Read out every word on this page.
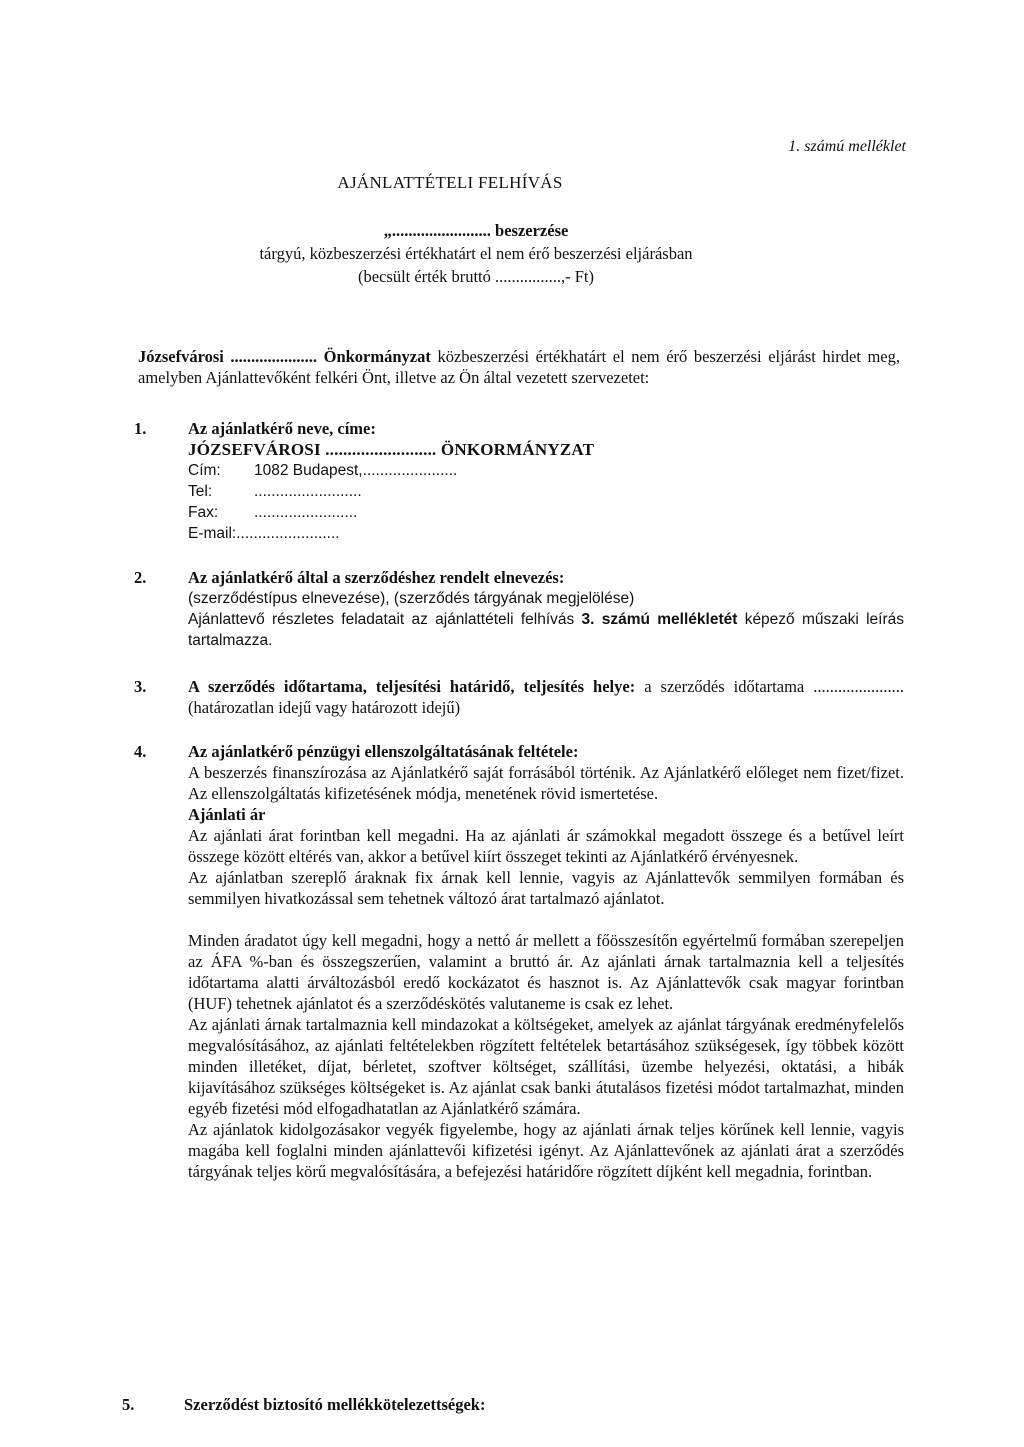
1. számú melléklet
AJÁNLATTÉTELI FELHÍVÁS
„........................ beszerzése
tárgyú, közbeszerzési értékhatárt el nem érő beszerzési eljárásban
(becsült érték bruttó ................,- Ft)

Józsefvárosi ..................... Önkormányzat közbeszerzési értékhatárt el nem érő beszerzési eljárást hirdet meg, amelyben Ajánlattevőként felkéri Önt, illetve az Ön által vezetett szervezetet:

1.	Az ajánlatkérő neve, címe:

JÓZSEFVÁROSI ......................... ÖNKORMÁNYZAT

Cím:	1082 Budapest,......................
Tel:	.........................
Fax:	........................
E-mail: ........................
2.	Az ajánlatkérő által a szerződéshez rendelt elnevezés:

(szerződéstípus elnevezése), (szerződés tárgyának megjelölése)

Ajánlattevő részletes feladatait az ajánlattételi felhívás 3. számú mellékletét képező műszaki leírás tartalmazza.

3.	A szerződés időtartama, teljesítési határidő, teljesítés helye: a szerződés időtartama ...................... (határozatlan idejű vagy határozott idejű)

4.	Az ajánlatkérő pénzügyi ellenszolgáltatásának feltétele:

A beszerzés finanszírozása az Ajánlatkérő saját forrásából történik. Az Ajánlatkérő előleget nem fizet/fizet. Az ellenszolgáltatás kifizetésének módja, menetének rövid ismertetése.

Ajánlati ár

Az ajánlati árat forintban kell megadni. Ha az ajánlati ár számokkal megadott összege és a betűvel leírt összege között eltérés van, akkor a betűvel kiírt összeget tekinti az Ajánlatkérő érvényesnek.

Az ajánlatban szereplő áraknak fix árnak kell lennie, vagyis az Ajánlattevők semmilyen formában és semmilyen hivatkozással sem tehetnek változó árat tartalmazó ajánlatot.

Minden áradatot úgy kell megadni, hogy a nettó ár mellett a főösszesítőn egyértelmű formában szerepeljen az ÁFA %-ban és összegszerűen, valamint a bruttó ár. Az ajánlati árnak tartalmaznia kell a teljesítés időtartama alatti árváltozásból eredő kockázatot és hasznot is. Az Ajánlattevők csak magyar forintban (HUF) tehetnek ajánlatot és a szerződéskötés valutaneme is csak ez lehet.

Az ajánlati árnak tartalmaznia kell mindazokat a költségeket, amelyek az ajánlat tárgyának eredményfelelős megvalósításához, az ajánlati feltételekben rögzített feltételek betartásához szükségesek, így többek között minden illetéket, díjat, bérletet, szoftver költséget, szállítási, üzembe helyezési, oktatási, a hibák kijavításához szükséges költségeket is. Az ajánlat csak banki átutalásos fizetési módot tartalmazhat, minden egyéb fizetési mód elfogadhatatlan az Ajánlatkérő számára.

Az ajánlatok kidolgozásakor vegyék figyelembe, hogy az ajánlati árnak teljes körűnek kell lennie, vagyis magába kell foglalni minden ajánlattevői kifizetési igényt. Az Ajánlattevőnek az ajánlati árat a szerződés tárgyának teljes körű megvalósítására, a befejezési határidőre rögzített díjként kell megadnia, forintban.

5.	Szerződést biztosító mellékkötelezettségek:
